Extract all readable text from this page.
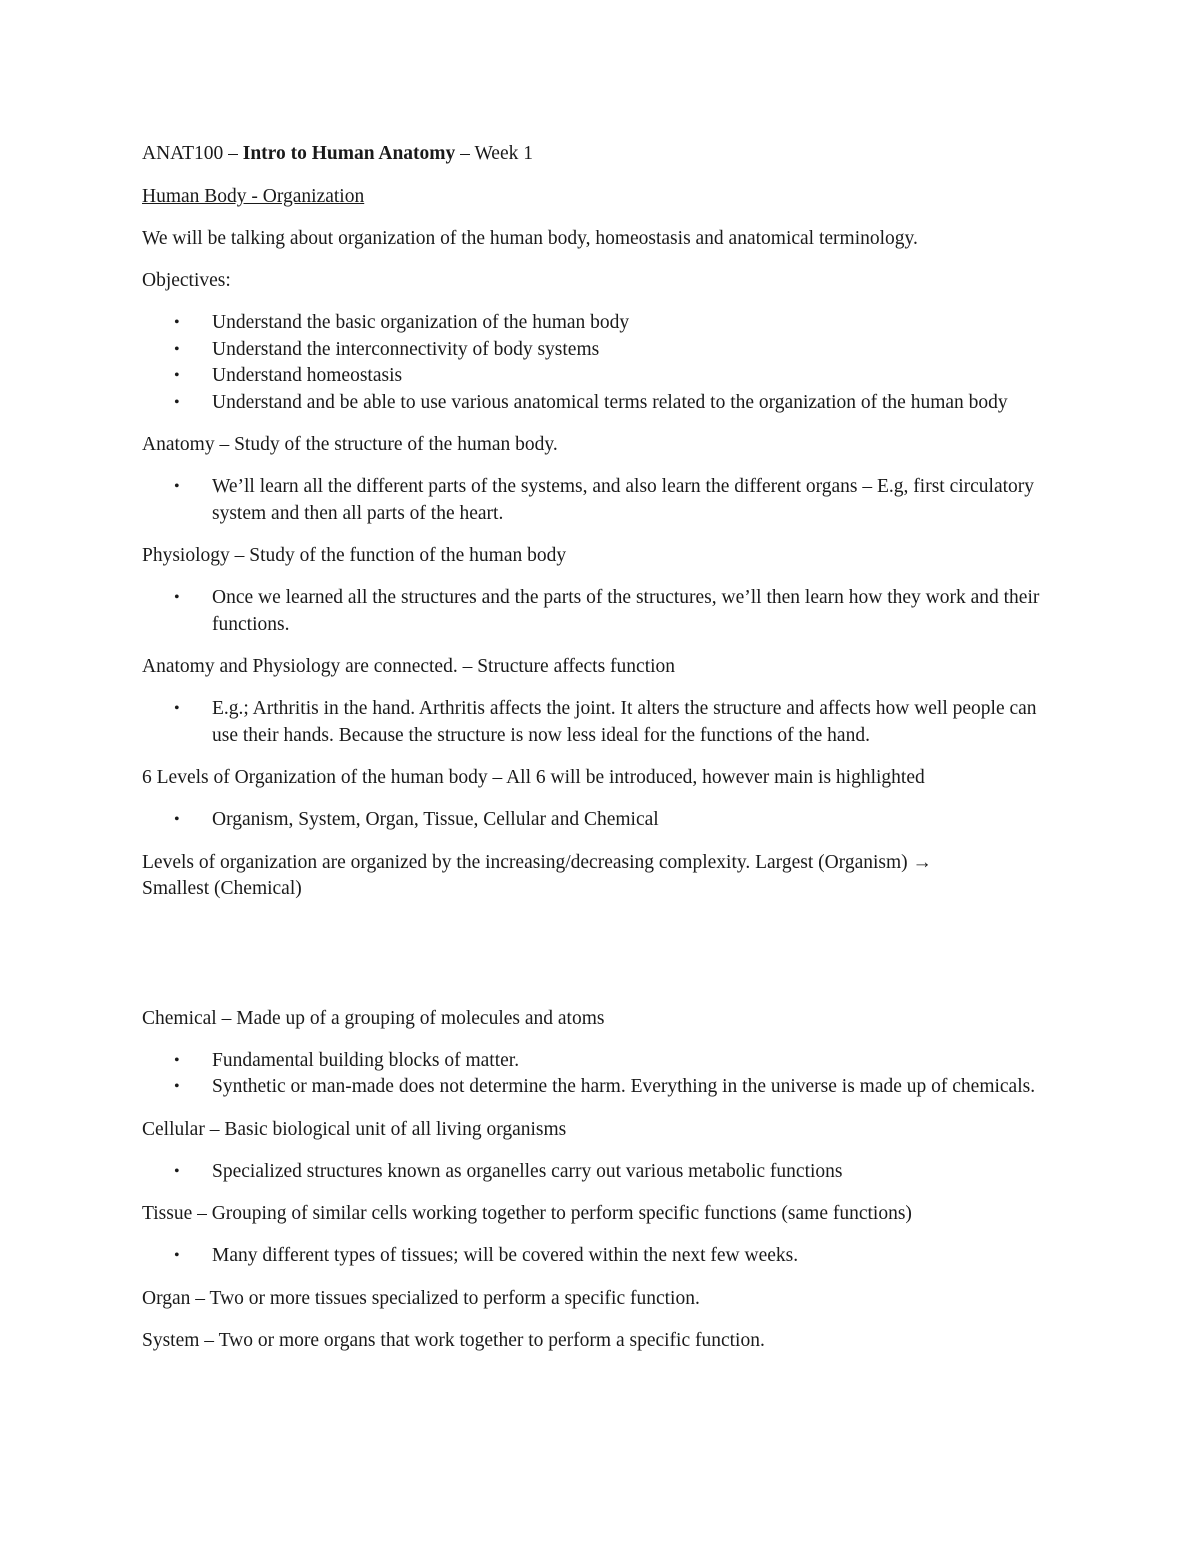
ANAT100 – Intro to Human Anatomy – Week 1

Human Body - Organization

We will be talking about organization of the human body, homeostasis and anatomical terminology.

Objectives:

•	Understand the basic organization of the human body
•	Understand the interconnectivity of body systems
•	Understand homeostasis
•	Understand and be able to use various anatomical terms related to the organization of the human body

Anatomy – Study of the structure of the human body.

•	We’ll learn all the different parts of the systems, and also learn the different organs – E.g, first circulatory system and then all parts of the heart.

Physiology – Study of the function of the human body

•	Once we learned all the structures and the parts of the structures, we’ll then learn how they work and their functions.

Anatomy and Physiology are connected. – Structure affects function

•	E.g.; Arthritis in the hand. Arthritis affects the joint. It alters the structure and affects how well people can use their hands. Because the structure is now less ideal for the functions of the hand.

6 Levels of Organization of the human body – All 6 will be introduced, however main is highlighted

•	Organism, System, Organ, Tissue, Cellular and Chemical

Levels of organization are organized by the increasing/decreasing complexity. Largest (Organism) →
Smallest (Chemical)

Chemical – Made up of a grouping of molecules and atoms

•	Fundamental building blocks of matter.
•	Synthetic or man-made does not determine the harm. Everything in the universe is made up of chemicals.

Cellular – Basic biological unit of all living organisms

•	Specialized structures known as organelles carry out various metabolic functions

Tissue – Grouping of similar cells working together to perform specific functions (same functions)

•	Many different types of tissues; will be covered within the next few weeks.

Organ – Two or more tissues specialized to perform a specific function.

System – Two or more organs that work together to perform a specific function.
